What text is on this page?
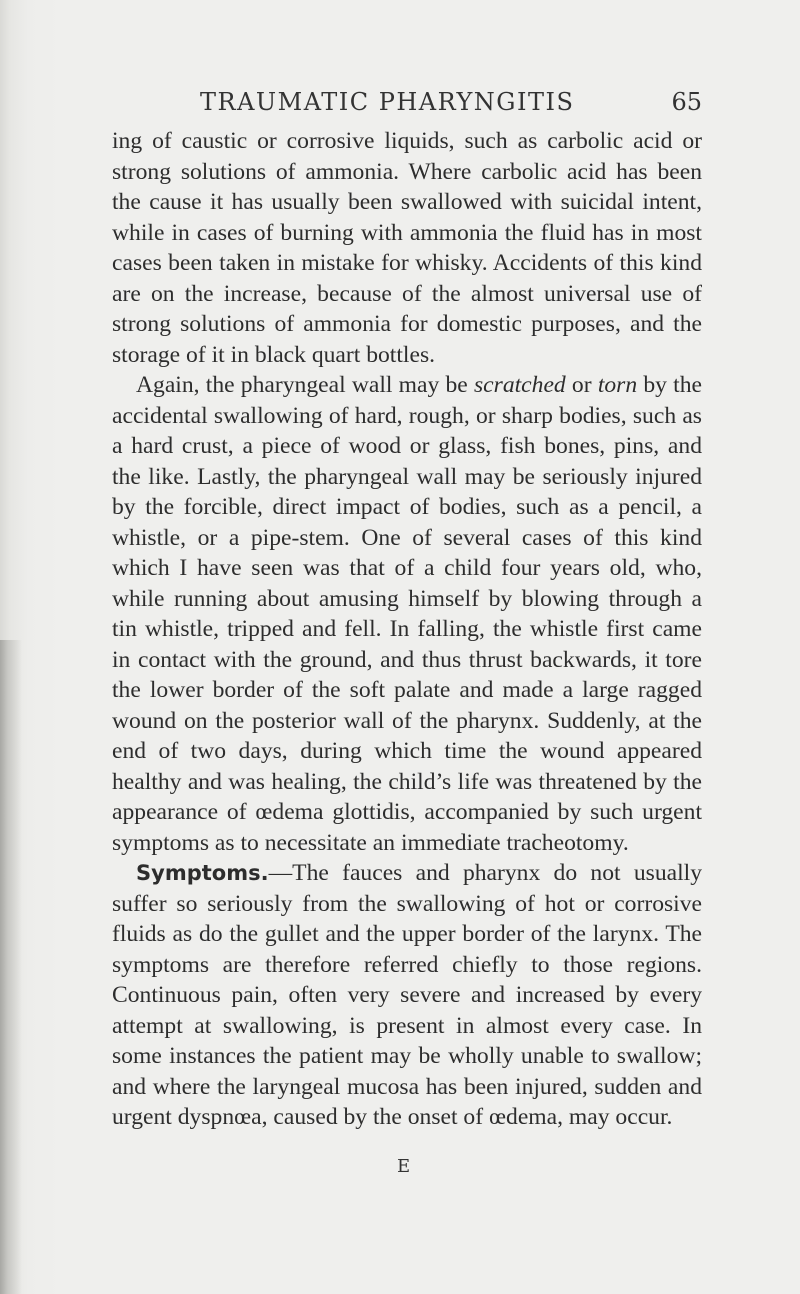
TRAUMATIC PHARYNGITIS	65

ing of caustic or corrosive liquids, such as carbolic acid or strong solutions of ammonia. Where carbolic acid has been the cause it has usually been swallowed with suicidal intent, while in cases of burning with ammonia the fluid has in most cases been taken in mistake for whisky. Accidents of this kind are on the increase, because of the almost universal use of strong solutions of ammonia for domestic purposes, and the storage of it in black quart bottles.

Again, the pharyngeal wall may be scratched or torn by the accidental swallowing of hard, rough, or sharp bodies, such as a hard crust, a piece of wood or glass, fish bones, pins, and the like. Lastly, the pharyngeal wall may be seriously injured by the forcible, direct impact of bodies, such as a pencil, a whistle, or a pipe-stem. One of several cases of this kind which I have seen was that of a child four years old, who, while running about amusing himself by blowing through a tin whistle, tripped and fell. In falling, the whistle first came in contact with the ground, and thus thrust backwards, it tore the lower border of the soft palate and made a large ragged wound on the posterior wall of the pharynx. Suddenly, at the end of two days, during which time the wound appeared healthy and was healing, the child’s life was threatened by the appearance of œdema glottidis, accompanied by such urgent symptoms as to necessitate an immediate tracheotomy.

Symptoms.—The fauces and pharynx do not usually suffer so seriously from the swallowing of hot or corrosive fluids as do the gullet and the upper border of the larynx. The symptoms are therefore referred chiefly to those regions. Continuous pain, often very severe and increased by every attempt at swallowing, is present in almost every case. In some instances the patient may be wholly unable to swallow; and where the laryngeal mucosa has been injured, sudden and urgent dyspnœa, caused by the onset of œdema, may occur.

E
